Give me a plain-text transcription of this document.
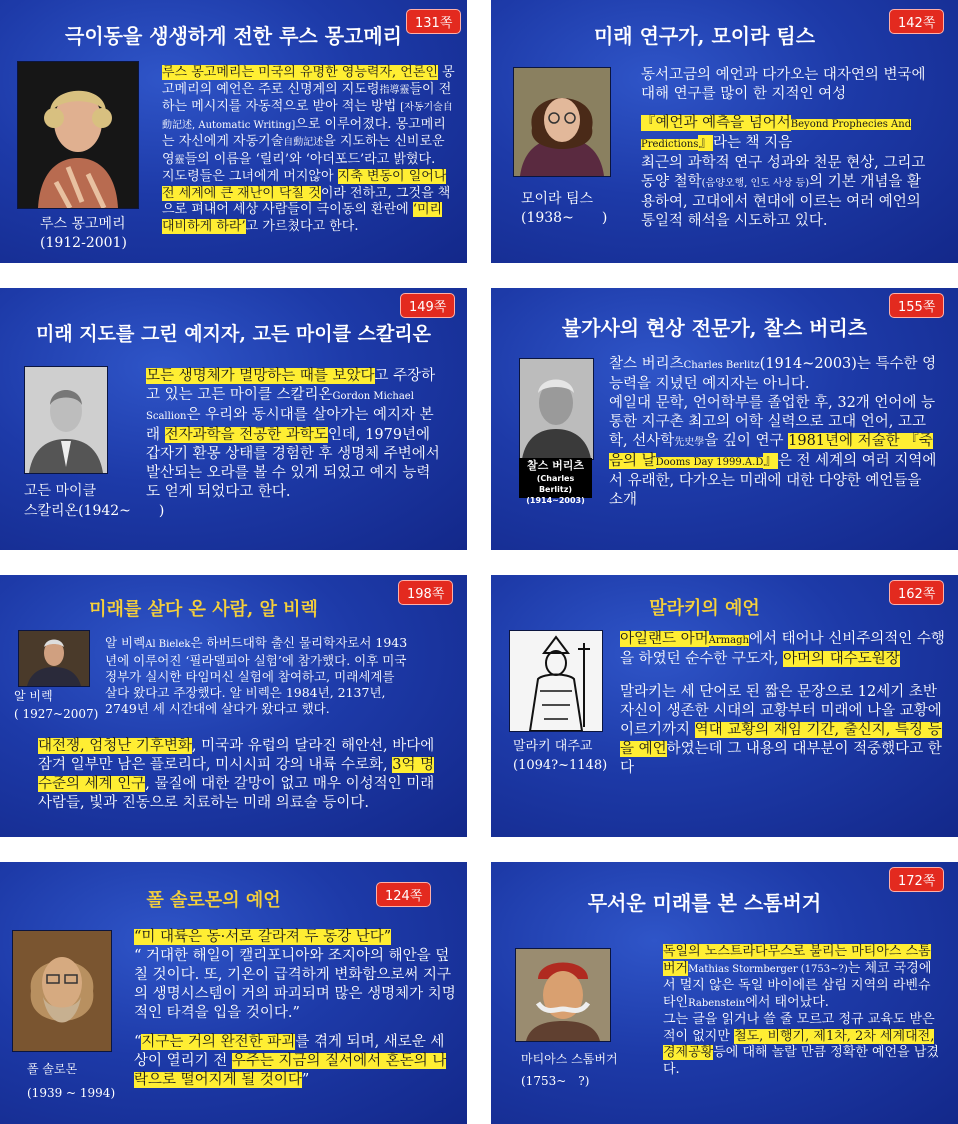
극이동을 생생하게 전한 루스 몽고메리
131쪽
루스 몽고메리
(1912-2001)

루스 몽고메리는 미국의 유명한 영능력자, 언론인 몽고메리의 예언은 주로 신명계의 지도령指導靈들이 전하는 메시지를 자동적으로 받아 적는 방법 [자동기술自動記述, Automatic Writing]으로 이루어졌다. 몽고메리는 자신에게 자동기술自動記述을 지도하는 신비로운 영靈들의 이름을 ‘릴리’와 ‘아더포드’라고 밝혔다.

지도령들은 그녀에게 머지않아 지축 변동이 일어나 전 세계에 큰 재난이 닥칠 것이라 전하고, 그것을 책으로 펴내어 세상 사람들이 극이동의 환란에 ‘미리 대비하게 하라’고 가르쳤다고 한다.

미래 연구가, 모이라 팀스
142쪽
모이라 팀스
(1938~　　)

동서고금의 예언과 다가오는 대자연의 변국에 대해 연구를 많이 한 지적인 여성

『예언과 예측을 넘어서Beyond Prophecies And Predictions』라는 책 지음

최근의 과학적 연구 성과와 천문 현상, 그리고 동양 철학(음양오행, 인도 사상 등)의 기본 개념을 활용하여, 고대에서 현대에 이르는 여러 예언의 통일적 해석을 시도하고 있다.

미래 지도를 그린 예지자, 고든 마이클 스칼리온
149쪽
고든 마이클
스칼리온(1942~　　)

모든 생명체가 멸망하는 때를 보았다고 주장하고 있는 고든 마이클 스칼리온Gordon Michael Scallion은 우리와 동시대를 살아가는 예지자 본래 전자과학을 전공한 과학도인데, 1979년에 갑자기 환몽 상태를 경험한 후 생명체 주변에서 발산되는 오라를 볼 수 있게 되었고 예지 능력도 얻게 되었다고 한다.

불가사의 현상 전문가, 찰스 버리츠
155쪽
찰스 버리츠
(Charles Berlitz)
(1914~2003)

찰스 버리츠Charles Berlitz(1914~2003)는 특수한 영능력을 지녔던 예지자는 아니다.

예일대 문학, 언어학부를 졸업한 후, 32개 언어에 능통한 지구촌 최고의 어학 실력으로 고대 언어, 고고학, 선사학先史學을 깊이 연구 1981년에 저술한 『죽음의 날Dooms Day 1999.A.D』은 전 세계의 여러 지역에서 유래한, 다가오는 미래에 대한 다양한 예언들을 소개

미래를 살다 온 사람, 알 비렉
198쪽
알 비렉
( 1927~2007)

알 비렉Al Bielek은 하버드대학 출신 물리학자로서 1943년에 이루어진 ‘필라델피아 실험’에 참가했다. 이후 미국 정부가 실시한 타임머신 실험에 참여하고, 미래세계를 살다 왔다고 주장했다. 알 비렉은 1984년, 2137년, 2749년 세 시간대에 살다가 왔다고 했다.

대전쟁, 엄청난 기후변화, 미국과 유럽의 달라진 해안선, 바다에 잠겨 일부만 남은 플로리다, 미시시피 강의 내륙 수로화, 3억 명 수준의 세계 인구, 물질에 대한 갈망이 없고 매우 이성적인 미래 사람들, 빛과 진동으로 치료하는 미래 의료술 등이다.

말라키의 예언
162쪽
말라키 대주교
(1094?~1148)

아일랜드 아머Armagh에서 태어나 신비주의적인 수행을 하였던 순수한 구도자, 아머의 대수도원장

말라키는 세 단어로 된 짧은 문장으로 12세기 초반 자신이 생존한 시대의 교황부터 미래에 나올 교황에 이르기까지 역대 교황의 재임 기간, 출신지, 특징 등을 예언하였는데 그 내용의 대부분이 적중했다고 한다

폴 솔로몬의 예언	124쪽
폴 솔로몬
(1939 ~ 1994)

“미 대륙은 동·서로 갈라져 두 동강 난다”

“ 거대한 해일이 캘리포니아와 조지아의 해안을 덮칠 것이다. 또, 기온이 급격하게 변화함으로써 지구의 생명시스템이 거의 파괴되며 많은 생명체가 치명적인 타격을 입을 것이다.”

“지구는 거의 완전한 파괴를 겪게 되며, 새로운 세상이 열리기 전 우주는 지금의 질서에서 혼돈의 나락으로 떨어지게 될 것이다”

무서운 미래를 본 스톰버거
172쪽
마티아스 스톰버거
(1753~　?)

독일의 노스트라다무스로 불리는 마티아스 스톰버거Mathias Stormberger (1753~?)는 체코 국경에서 멀지 않은 독일 바이에른 삼림 지역의 라벤슈타인Rabenstein에서 태어났다.

그는 글을 읽거나 쓸 줄 모르고 정규 교육도 받은 적이 없지만 철도, 비행기, 제1차, 2차 세계대전, 경제공황등에 대해 놀랄 만큼 정확한 예언을 남겼다.
